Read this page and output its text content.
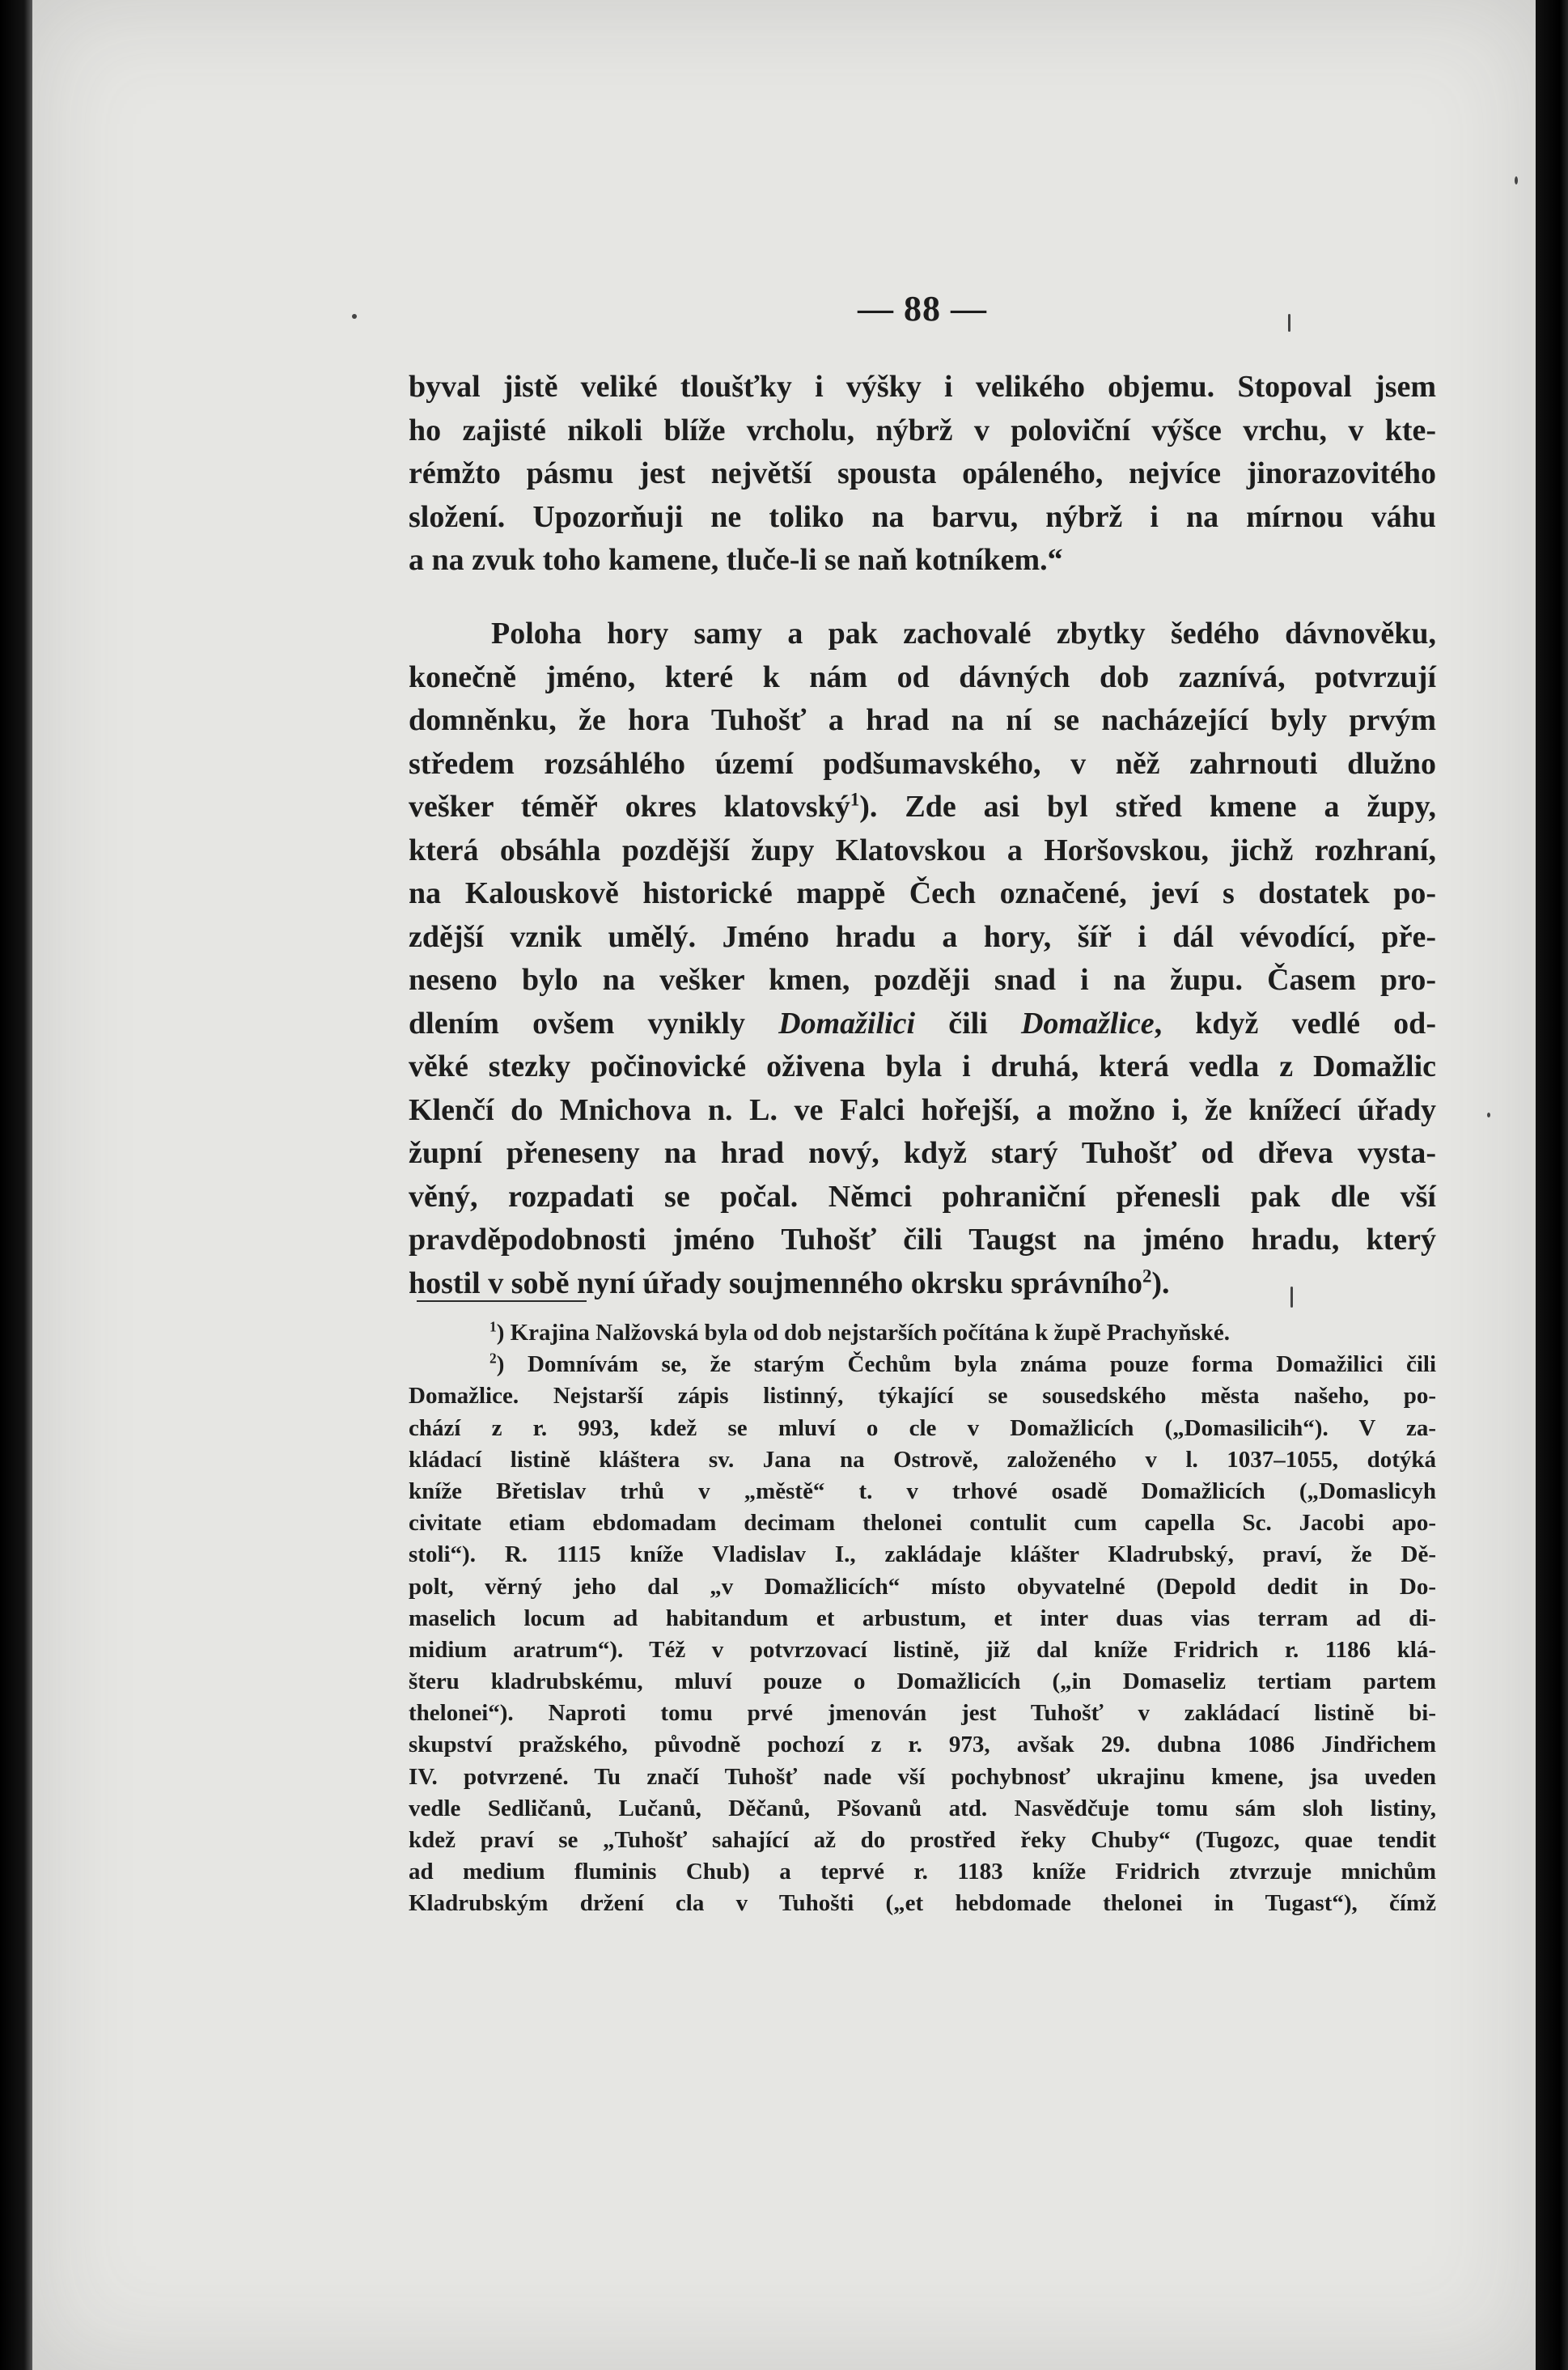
— 88 —
byval jistě veliké tloušťky i výšky i velikého objemu. Stopoval jsem
ho zajisté nikoli blíže vrcholu, nýbrž v poloviční výšce vrchu, v kte-
rémžto pásmu jest největší spousta opáleného, nejvíce jinorazovitého
složení. Upozorňuji ne toliko na barvu, nýbrž i na mírnou váhu
a na zvuk toho kamene, tluče-li se naň kotníkem.“
Poloha hory samy a pak zachovalé zbytky šedého dávnověku,
konečně jméno, které k nám od dávných dob zaznívá, potvrzují
domněnku, že hora Tuhošť a hrad na ní se nacházející byly prvým
středem rozsáhlého území podšumavského, v něž zahrnouti dlužno
vešker téměř okres klatovský$^1$). Zde asi byl střed kmene a župy,
která obsáhla pozdější župy Klatovskou a Horšovskou, jichž rozhraní,
na Kalouskově historické mappě Čech označené, jeví s dostatek po-
zdější vznik umělý. Jméno hradu a hory, šíř i dál vévodící, pře-
neseno bylo na vešker kmen, později snad i na župu. Časem pro-
dlením ovšem vynikly Domažilici čili Domažlice, když vedlé od-
věké stezky počinovické oživena byla i druhá, která vedla z Domažlic
Klenčí do Mnichova n. L. ve Falci hořejší, a možno i, že knížecí úřady
župní přeneseny na hrad nový, když starý Tuhošť od dřeva vysta-
věný, rozpadati se počal. Němci pohraniční přenesli pak dle vší
pravděpodobnosti jméno Tuhošť čili Taugst na jméno hradu, který
hostil v sobě nyní úřady soujmenného okrsku správního$^2$).
$^1$) Krajina Nalžovská byla od dob nejstarších počítána k župě Prachyňské.
$^2$) Domnívám se, že starým Čechům byla známa pouze forma Domažilici čili
Domažlice. Nejstarší zápis listinný, týkající se sousedského města našeho, po-
chází z r. 993, kdež se mluví o cle v Domažlicích („Domasilicih“). V za-
kládací listině kláštera sv. Jana na Ostrově, založeného v l. 1037–1055, dotýká
kníže Břetislav trhů v „městě“ t. v trhové osadě Domažlicích („Domaslicyh
civitate etiam ebdomadam decimam thelonei contulit cum capella Sc. Jacobi apo-
stoli“). R. 1115 kníže Vladislav I., zakládaje klášter Kladrubský, praví, že Dě-
polt, věrný jeho dal „v Domažlicích“ místo obyvatelné (Depold dedit in Do-
maselich locum ad habitandum et arbustum, et inter duas vias terram ad di-
midium aratrum“). Též v potvrzovací listině, již dal kníže Fridrich r. 1186 klá-
šteru kladrubskému, mluví pouze o Domažlicích („in Domaseliz tertiam partem
thelonei“). Naproti tomu prvé jmenován jest Tuhošť v zakládací listině bi-
skupství pražského, původně pochozí z r. 973, avšak 29. dubna 1086 Jindřichem
IV. potvrzené. Tu značí Tuhošť nade vší pochybnosť ukrajinu kmene, jsa uveden
vedle Sedličanů, Lučanů, Děčanů, Pšovanů atd. Nasvědčuje tomu sám sloh listiny,
kdež praví se „Tuhošť sahající až do prostřed řeky Chuby“ (Tugozc, quae tendit
ad medium fluminis Chub) a teprvé r. 1183 kníže Fridrich ztvrzuje mnichům
Kladrubským držení cla v Tuhošti („et hebdomade thelonei in Tugast“), čímž
